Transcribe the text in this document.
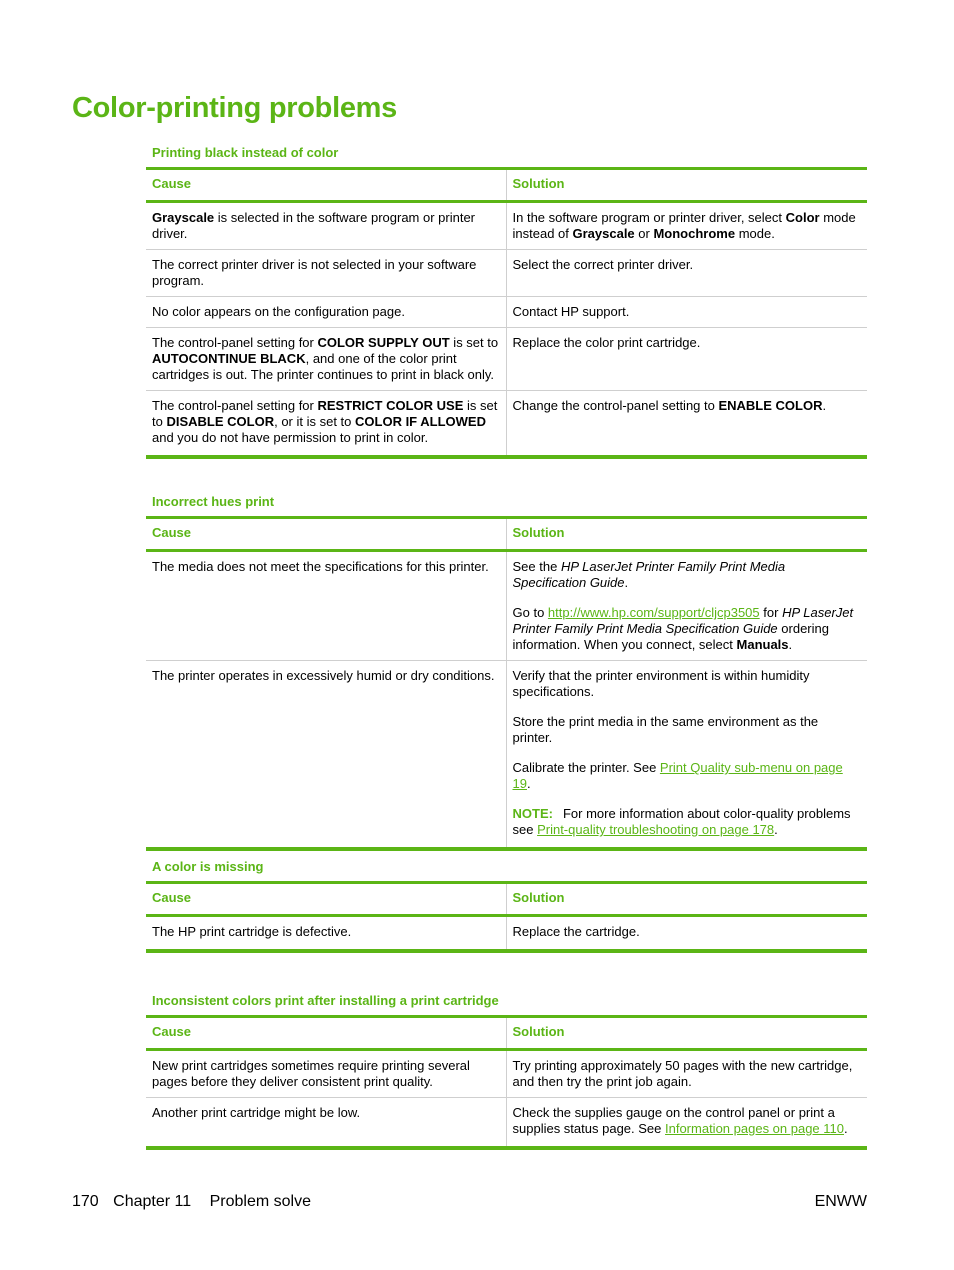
Color-printing problems
Printing black instead of color
Cause	Solution
Grayscale is selected in the software program or printer driver.	In the software program or printer driver, select Color mode instead of Grayscale or Monochrome mode.
The correct printer driver is not selected in your software program.	Select the correct printer driver.
No color appears on the configuration page.	Contact HP support.
The control-panel setting for COLOR SUPPLY OUT is set to AUTOCONTINUE BLACK, and one of the color print cartridges is out. The printer continues to print in black only.	Replace the color print cartridge.
The control-panel setting for RESTRICT COLOR USE is set to DISABLE COLOR, or it is set to COLOR IF ALLOWED and you do not have permission to print in color.	Change the control-panel setting to ENABLE COLOR.
Incorrect hues print
Cause	Solution
The media does not meet the specifications for this printer.	See the HP LaserJet Printer Family Print Media Specification Guide.

Go to http://www.hp.com/support/cljcp3505 for HP LaserJet Printer Family Print Media Specification Guide ordering information. When you connect, select Manuals.

The printer operates in excessively humid or dry conditions.	Verify that the printer environment is within humidity specifications.

Store the print media in the same environment as the printer.

Calibrate the printer. See Print Quality sub-menu on page 19.

NOTE: For more information about color-quality problems see Print-quality troubleshooting on page 178.

A color is missing
Cause	Solution
The HP print cartridge is defective.	Replace the cartridge.
Inconsistent colors print after installing a print cartridge
Cause	Solution
New print cartridges sometimes require printing several pages before they deliver consistent print quality.	Try printing approximately 50 pages with the new cartridge, and then try the print job again.
Another print cartridge might be low.	Check the supplies gauge on the control panel or print a supplies status page. See Information pages on page 110.
170 Chapter 11 Problem solve	ENWW
